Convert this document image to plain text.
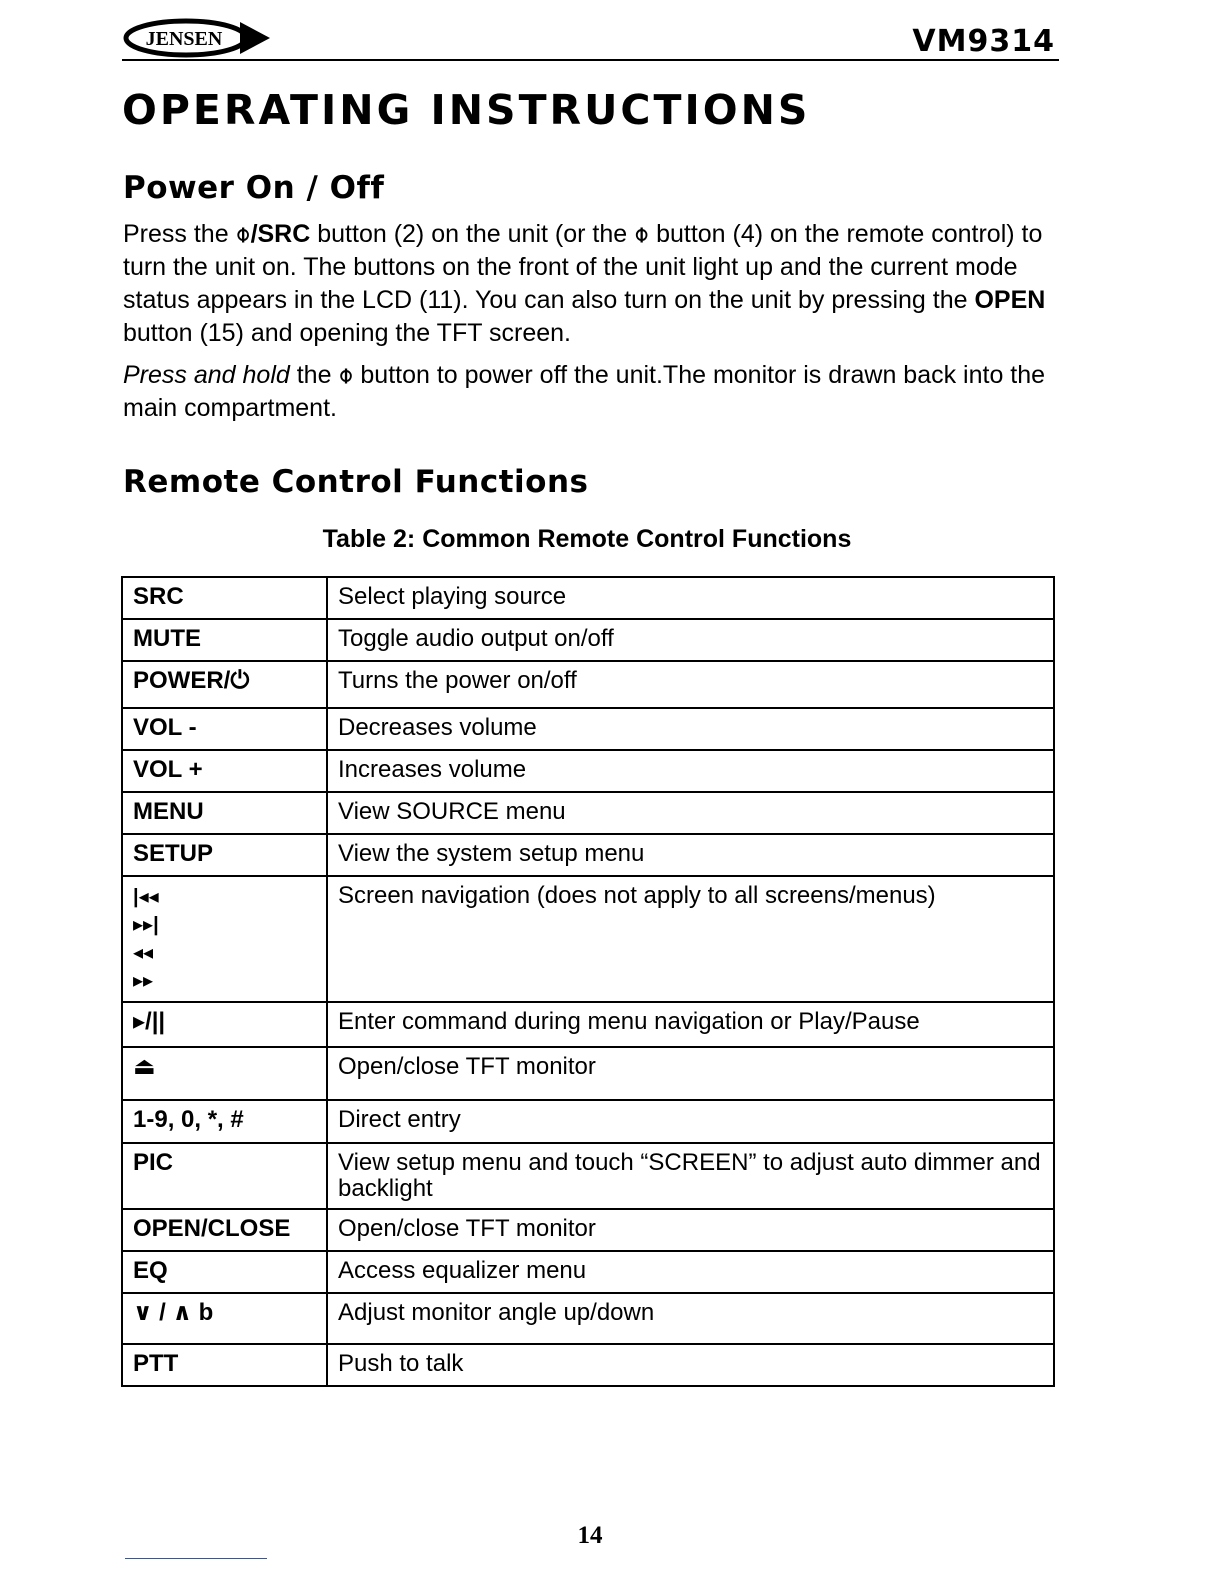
JENSEN	VM9314
OPERATING INSTRUCTIONS
Power On / Off

Press the ⌽/SRC button (2) on the unit (or the ⌽ button (4) on the remote control) to turn the unit on. The buttons on the front of the unit light up and the current mode status appears in the LCD (11). You can also turn on the unit by pressing the OPEN button (15) and opening the TFT screen.

Press and hold the ⌽ button to power off the unit.The monitor is drawn back into the main compartment.

Remote Control Functions
Table 2: Common Remote Control Functions
SRC	Select playing source
MUTE	Toggle audio output on/off
POWER/⏻	Turns the power on/off
VOL -	Decreases volume
VOL +	Increases volume
MENU	View SOURCE menu
SETUP	View the system setup menu

|◂◂
▸▸|
◂◂
▸▸	Screen navigation (does not apply to all screens/menus)
▸/||	Enter command during menu navigation or Play/Pause
⏏	Open/close TFT monitor
1-9, 0, *, #	Direct entry
PIC	View setup menu and touch “SCREEN” to adjust auto dimmer and backlight
OPEN/CLOSE	Open/close TFT monitor
EQ	Access equalizer menu
∨ / ∧ b	Adjust monitor angle up/down
PTT	Push to talk
14
